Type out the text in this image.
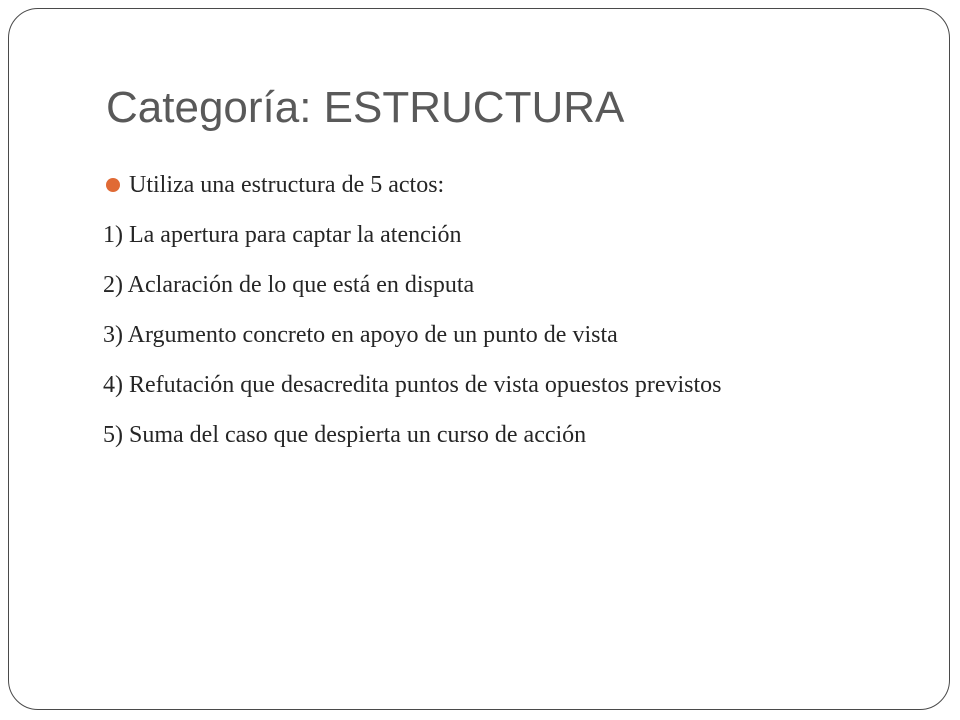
Categoría: ESTRUCTURA
Utiliza una estructura de 5 actos:
1) La apertura para captar la atención
2) Aclaración de lo que está en disputa
3) Argumento concreto en apoyo de un punto de vista
4) Refutación que desacredita puntos de vista opuestos previstos
5) Suma del caso que despierta un curso de acción
